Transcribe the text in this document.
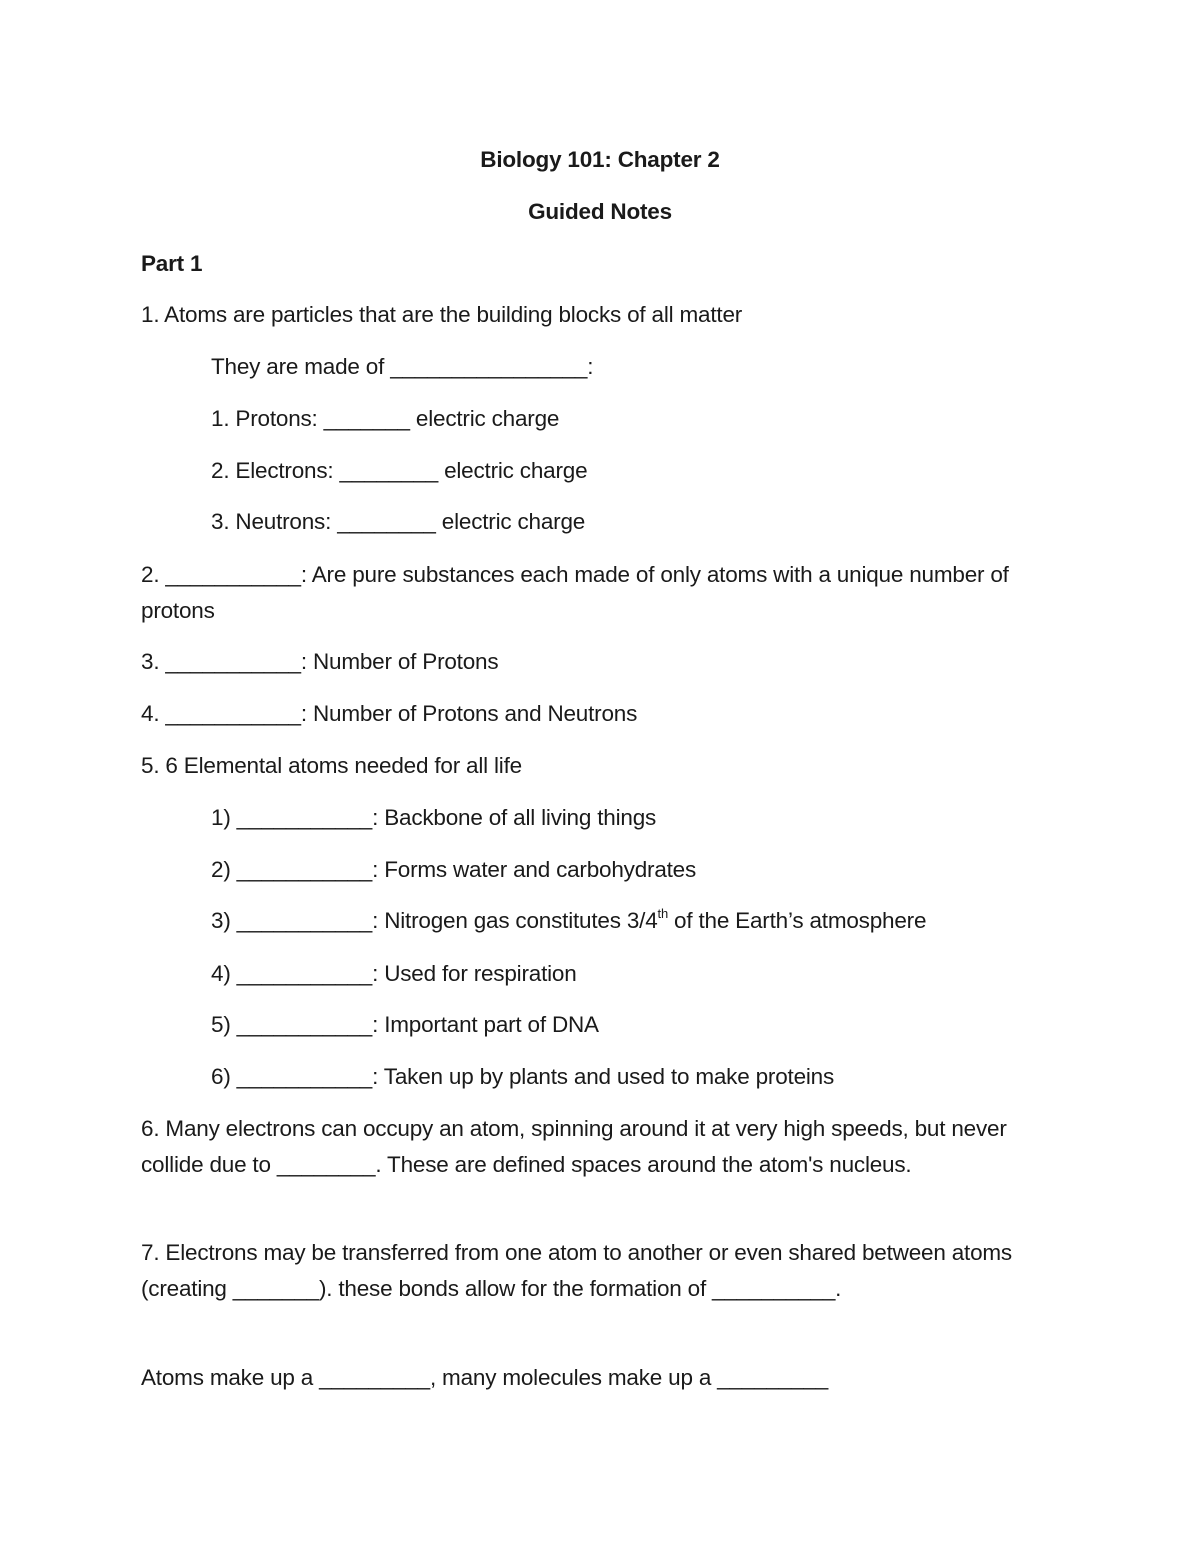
Biology 101: Chapter 2
Guided Notes
Part 1
1. Atoms are particles that are the building blocks of all matter
They are made of ________________:
1. Protons: _______ electric charge
2. Electrons: ________ electric charge
3. Neutrons: ________ electric charge
2. ___________: Are pure substances each made of only atoms with a unique number of protons
3. ___________: Number of Protons
4. ___________: Number of Protons and Neutrons
5. 6 Elemental atoms needed for all life
1) ___________: Backbone of all living things
2) ___________: Forms water and carbohydrates
3) ___________: Nitrogen gas constitutes 3/4th of the Earth’s atmosphere
4) ___________: Used for respiration
5) ___________: Important part of DNA
6) ___________: Taken up by plants and used to make proteins
6. Many electrons can occupy an atom, spinning around it at very high speeds, but never collide due to ________. These are defined spaces around the atom's nucleus.
7. Electrons may be transferred from one atom to another or even shared between atoms (creating _______). these bonds allow for the formation of __________.
Atoms make up a _________, many molecules make up a _________
